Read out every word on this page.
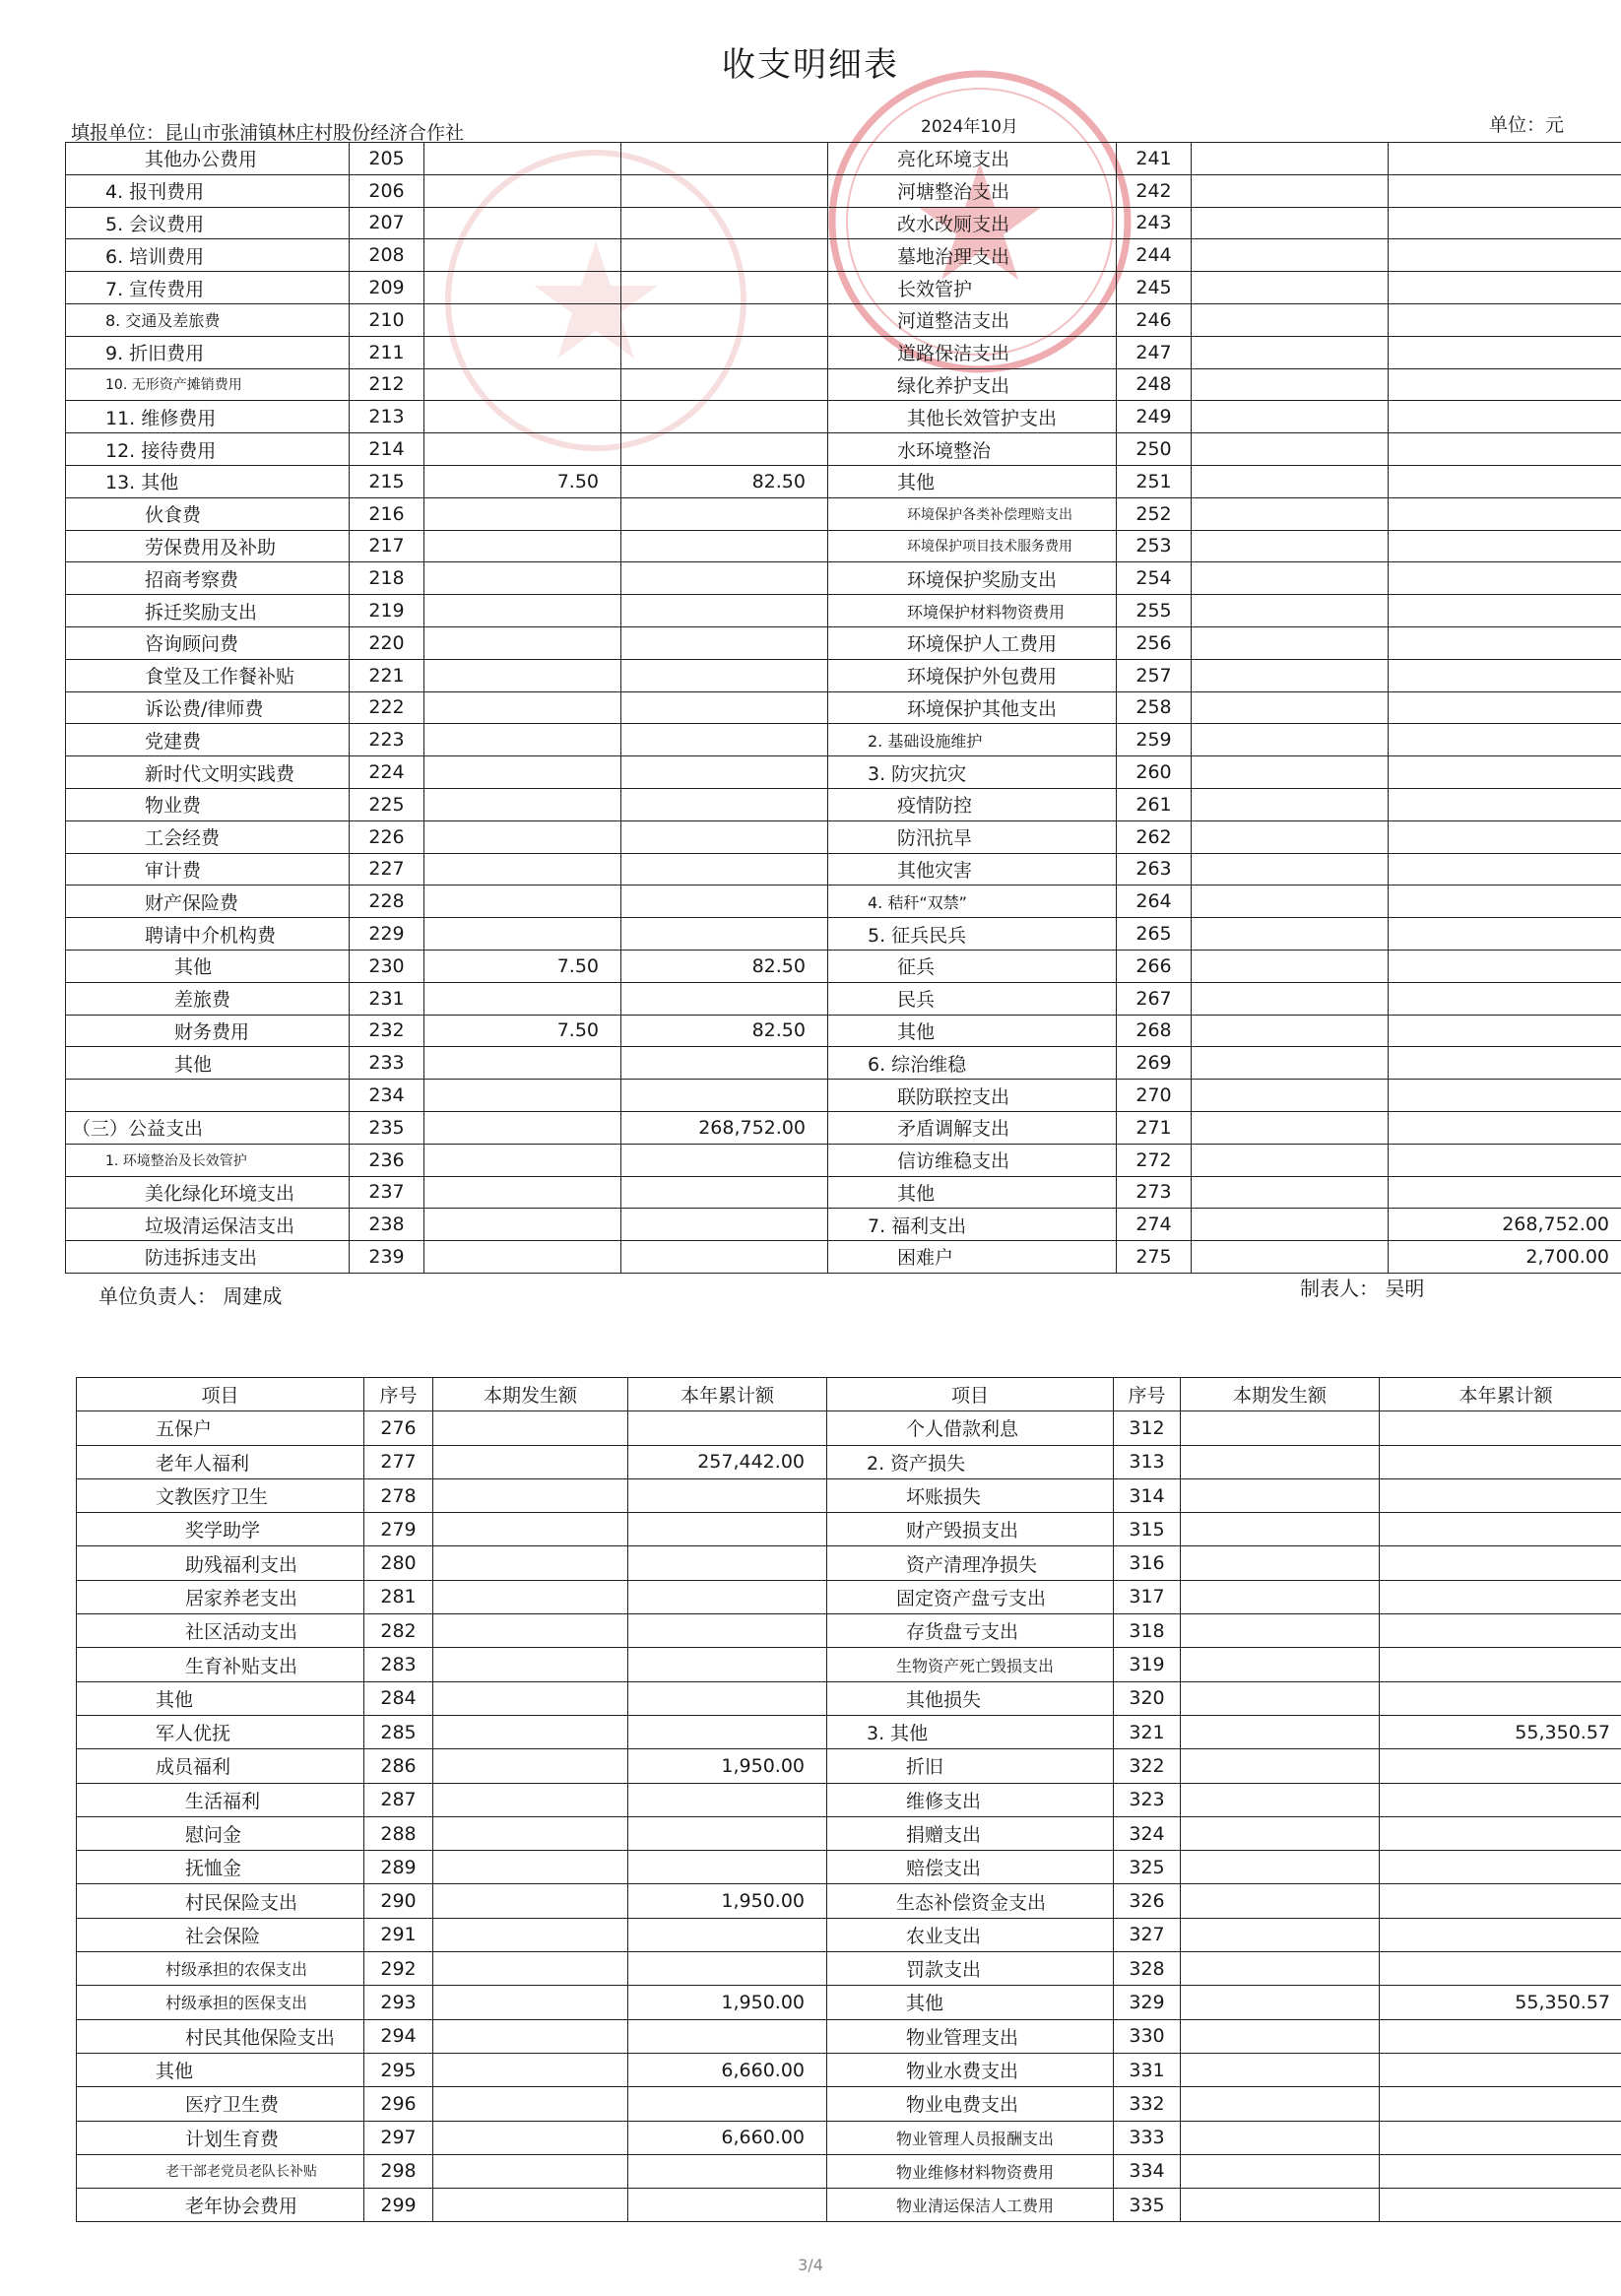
收支明细表
填报单位：昆山市张浦镇林庄村股份经济合作社	2024年10月	单位：元
其他办公费用	205			亮化环境支出	241		
4. 报刊费用	206			河塘整治支出	242		
5. 会议费用	207			改水改厕支出	243		
6. 培训费用	208			墓地治理支出	244		
7. 宣传费用	209			长效管护	245		
8. 交通及差旅费	210			河道整洁支出	246		
9. 折旧费用	211			道路保洁支出	247		
10. 无形资产摊销费用	212			绿化养护支出	248		
11. 维修费用	213			其他长效管护支出	249		
12. 接待费用	214			水环境整治	250		
13. 其他	215	7.50	82.50	其他	251		
伙食费	216			环境保护各类补偿理赔支出	252		
劳保费用及补助	217			环境保护项目技术服务费用	253		
招商考察费	218			环境保护奖励支出	254		
拆迁奖励支出	219			环境保护材料物资费用	255		
咨询顾问费	220			环境保护人工费用	256		
食堂及工作餐补贴	221			环境保护外包费用	257		
诉讼费/律师费	222			环境保护其他支出	258		
党建费	223			2. 基础设施维护	259		
新时代文明实践费	224			3. 防灾抗灾	260		
物业费	225			疫情防控	261		
工会经费	226			防汛抗旱	262		
审计费	227			其他灾害	263		
财产保险费	228			4. 秸秆“双禁”	264		
聘请中介机构费	229			5. 征兵民兵	265		
其他	230	7.50	82.50	征兵	266		
差旅费	231			民兵	267		
财务费用	232	7.50	82.50	其他	268		
其他	233			6. 综治维稳	269		
	234			联防联控支出	270		
（三）公益支出	235		268,752.00	矛盾调解支出	271		
1. 环境整治及长效管护	236			信访维稳支出	272		
美化绿化环境支出	237			其他	273		
垃圾清运保洁支出	238			7. 福利支出	274		268,752.00
防违拆违支出	239			困难户	275		2,700.00
单位负责人： 周建成	制表人： 吴明
项目	序号	本期发生额	本年累计额	项目	序号	本期发生额	本年累计额
五保户	276			个人借款利息	312		
老年人福利	277		257,442.00	2. 资产损失	313		
文教医疗卫生	278			坏账损失	314		
奖学助学	279			财产毁损支出	315		
助残福利支出	280			资产清理净损失	316		
居家养老支出	281			固定资产盘亏支出	317		
社区活动支出	282			存货盘亏支出	318		
生育补贴支出	283			生物资产死亡毁损支出	319		
其他	284			其他损失	320		
军人优抚	285			3. 其他	321		55,350.57
成员福利	286		1,950.00	折旧	322		
生活福利	287			维修支出	323		
慰问金	288			捐赠支出	324		
抚恤金	289			赔偿支出	325		
村民保险支出	290		1,950.00	生态补偿资金支出	326		
社会保险	291			农业支出	327		
村级承担的农保支出	292			罚款支出	328		
村级承担的医保支出	293		1,950.00	其他	329		55,350.57
村民其他保险支出	294			物业管理支出	330		
其他	295		6,660.00	物业水费支出	331		
医疗卫生费	296			物业电费支出	332		
计划生育费	297		6,660.00	物业管理人员报酬支出	333		
老干部老党员老队长补贴	298			物业维修材料物资费用	334		
老年协会费用	299			物业清运保洁人工费用	335		
3/4
